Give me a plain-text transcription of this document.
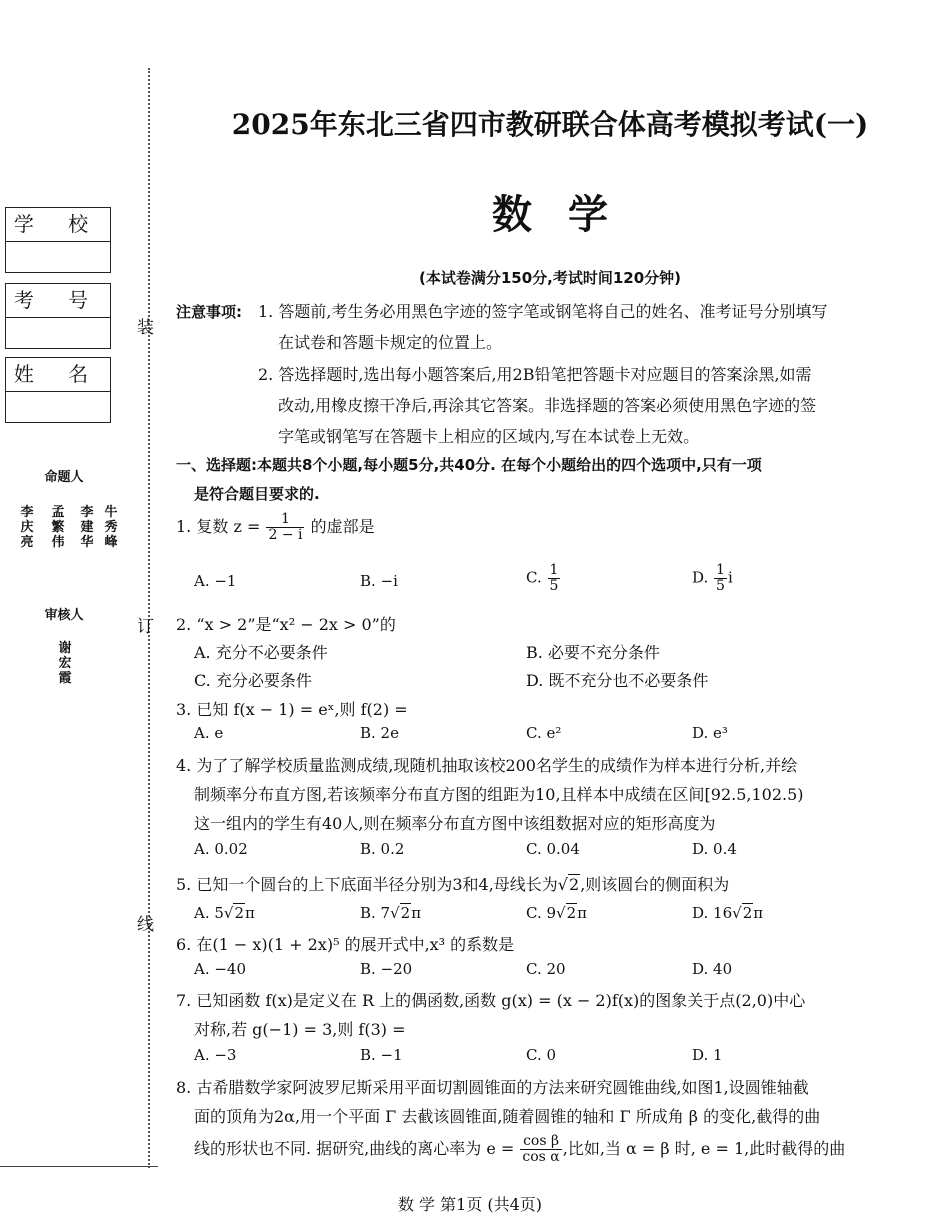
装
订
线
学 校
考 号
姓 名
命题人
李庆亮
孟繁伟
李建华
牛秀峰
审核人
谢宏霞
2025年东北三省四市教研联合体高考模拟考试(一)
数学
(本试卷满分150分,考试时间120分钟)
注意事项: 1. 答题前,考生务必用黑色字迹的签字笔或钢笔将自己的姓名、准考证号分别填写
在试卷和答题卡规定的位置上。
2. 答选择题时,选出每小题答案后,用2B铅笔把答题卡对应题目的答案涂黑,如需
改动,用橡皮擦干净后,再涂其它答案。非选择题的答案必须使用黑色字迹的签
字笔或钢笔写在答题卡上相应的区域内,写在本试卷上无效。
一、选择题:本题共8个小题,每小题5分,共40分. 在每个小题给出的四个选项中,只有一项
是符合题目要求的.
1. 复数 $z = \frac{1}{2 - i}$ 的虚部是
A. −1	B. −i	C. $\frac{1}{5}$	D. $\frac{1}{5}$ i
2. “x > 2”是“x² − 2x > 0”的
A. 充分不必要条件	B. 必要不充分条件
C. 充分必要条件	D. 既不充分也不必要条件
3. 已知 f(x − 1) = eˣ,则 f(2) =
A. e	B. 2e	C. e²	D. e³
4. 为了了解学校质量监测成绩,现随机抽取该校200名学生的成绩作为样本进行分析,并绘
制频率分布直方图,若该频率分布直方图的组距为10,且样本中成绩在区间[92.5,102.5)
这一组内的学生有40人,则在频率分布直方图中该组数据对应的矩形高度为
A. 0.02	B. 0.2	C. 0.04	D. 0.4
5. 已知一个圆台的上下底面半径分别为3和4,母线长为√2,则该圆台的侧面积为
A. 5√2π	B. 7√2π	C. 9√2π	D. 16√2π
6. 在(1 − x)(1 + 2x)⁵ 的展开式中,x³ 的系数是
A. −40	B. −20	C. 20	D. 40
7. 已知函数 f(x)是定义在 R 上的偶函数,函数 g(x) = (x − 2)f(x)的图象关于点(2,0)中心
对称,若 g(−1) = 3,则 f(3) =
A. −3	B. −1	C. 0	D. 1
8. 古希腊数学家阿波罗尼斯采用平面切割圆锥面的方法来研究圆锥曲线,如图1,设圆锥轴截
面的顶角为2α,用一个平面 Γ 去截该圆锥面,随着圆锥的轴和 Γ 所成角 β 的变化,截得的曲
线的形状也不同. 据研究,曲线的离心率为 $e = \frac{\text{cos β}}{\text{cos α}}$ ,比如,当 α = β 时, e = 1,此时截得的曲
数 学 第1页 (共4页)
